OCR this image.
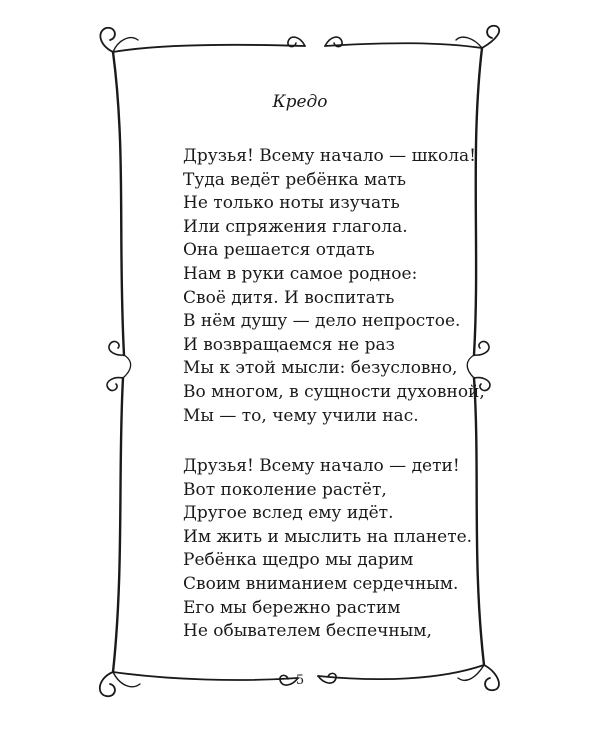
Кредо
Друзья! Всему начало — школа!
Туда ведёт ребёнка мать
Не только ноты изучать
Или спряжения глагола.
Она решается отдать
Нам в руки самое родное:
Своё дитя. И воспитать
В нём душу — дело непростое.
И возвращаемся не раз
Мы к этой мысли: безусловно,
Во многом, в сущности духовной,
Мы — то, чему учили нас.
Друзья! Всему начало — дети!
Вот поколение растёт,
Другое вслед ему идёт.
Им жить и мыслить на планете.
Ребёнка щедро мы дарим
Своим вниманием сердечным.
Его мы бережно растим
Не обывателем беспечным,
5
